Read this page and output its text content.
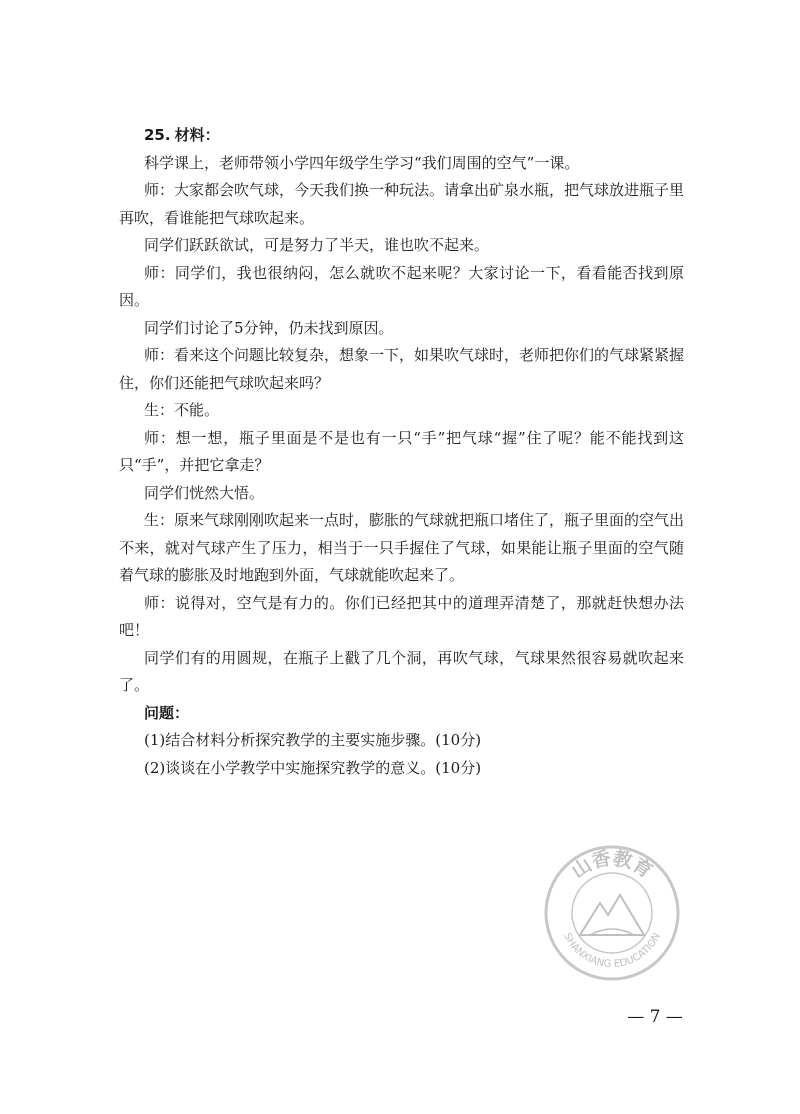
25. 材料：

科学课上，老师带领小学四年级学生学习“我们周围的空气”一课。

师：大家都会吹气球，今天我们换一种玩法。请拿出矿泉水瓶，把气球放进瓶子里再吹，看谁能把气球吹起来。

同学们跃跃欲试，可是努力了半天，谁也吹不起来。

师：同学们，我也很纳闷，怎么就吹不起来呢？大家讨论一下，看看能否找到原因。

同学们讨论了5分钟，仍未找到原因。

师：看来这个问题比较复杂，想象一下，如果吹气球时，老师把你们的气球紧紧握住，你们还能把气球吹起来吗？

生：不能。

师：想一想，瓶子里面是不是也有一只“手”把气球“握”住了呢？能不能找到这只“手”，并把它拿走？

同学们恍然大悟。

生：原来气球刚刚吹起来一点时，膨胀的气球就把瓶口堵住了，瓶子里面的空气出不来，就对气球产生了压力，相当于一只手握住了气球，如果能让瓶子里面的空气随着气球的膨胀及时地跑到外面，气球就能吹起来了。

师：说得对，空气是有力的。你们已经把其中的道理弄清楚了，那就赶快想办法吧！

同学们有的用圆规，在瓶子上戳了几个洞，再吹气球，气球果然很容易就吹起来了。

问题：

(1)结合材料分析探究教学的主要实施步骤。(10分)

(2)谈谈在小学教学中实施探究教学的意义。(10分)

山香教育
SHANXIANG EDUCATION
— 7 —
